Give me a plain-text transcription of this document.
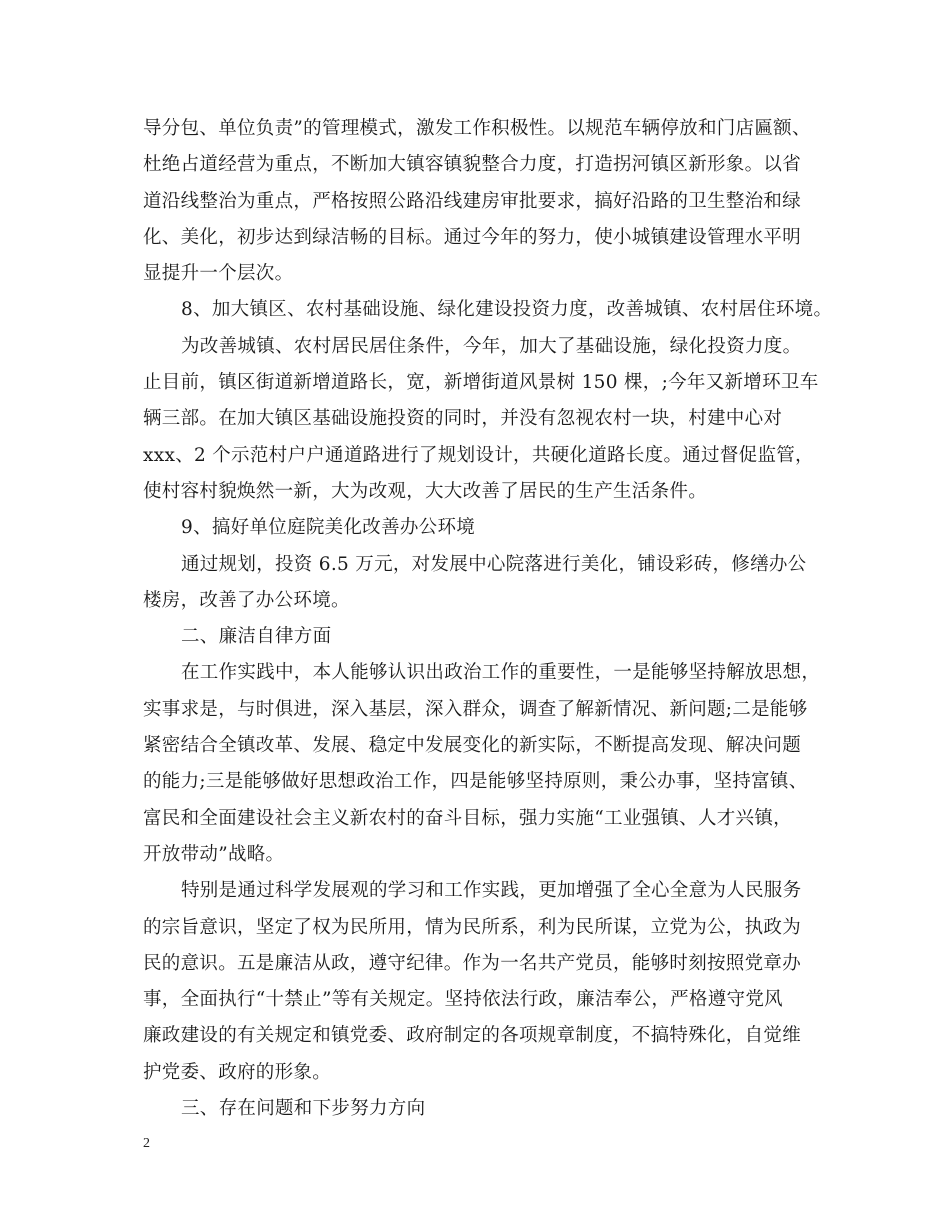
导分包、单位负责”的管理模式，激发工作积极性。以规范车辆停放和门店匾额、
杜绝占道经营为重点，不断加大镇容镇貌整合力度，打造拐河镇区新形象。以省
道沿线整治为重点，严格按照公路沿线建房审批要求，搞好沿路的卫生整治和绿
化、美化，初步达到绿洁畅的目标。通过今年的努力，使小城镇建设管理水平明
显提升一个层次。
8、加大镇区、农村基础设施、绿化建设投资力度，改善城镇、农村居住环境。
为改善城镇、农村居民居住条件，今年，加大了基础设施，绿化投资力度。
止目前，镇区街道新增道路长，宽，新增街道风景树 150 棵，;今年又新增环卫车
辆三部。在加大镇区基础设施投资的同时，并没有忽视农村一块，村建中心对
xxx、2 个示范村户户通道路进行了规划设计，共硬化道路长度。通过督促监管，
使村容村貌焕然一新，大为改观，大大改善了居民的生产生活条件。
9、搞好单位庭院美化改善办公环境
通过规划，投资 6.5 万元，对发展中心院落进行美化，铺设彩砖，修缮办公
楼房，改善了办公环境。
二、廉洁自律方面
在工作实践中，本人能够认识出政治工作的重要性，一是能够坚持解放思想，
实事求是，与时俱进，深入基层，深入群众，调查了解新情况、新问题;二是能够
紧密结合全镇改革、发展、稳定中发展变化的新实际，不断提高发现、解决问题
的能力;三是能够做好思想政治工作，四是能够坚持原则，秉公办事，坚持富镇、
富民和全面建设社会主义新农村的奋斗目标，强力实施“工业强镇、人才兴镇，
开放带动”战略。
特别是通过科学发展观的学习和工作实践，更加增强了全心全意为人民服务
的宗旨意识，坚定了权为民所用，情为民所系，利为民所谋，立党为公，执政为
民的意识。五是廉洁从政，遵守纪律。作为一名共产党员，能够时刻按照党章办
事，全面执行“十禁止”等有关规定。坚持依法行政，廉洁奉公，严格遵守党风
廉政建设的有关规定和镇党委、政府制定的各项规章制度，不搞特殊化，自觉维
护党委、政府的形象。
三、存在问题和下步努力方向
2
